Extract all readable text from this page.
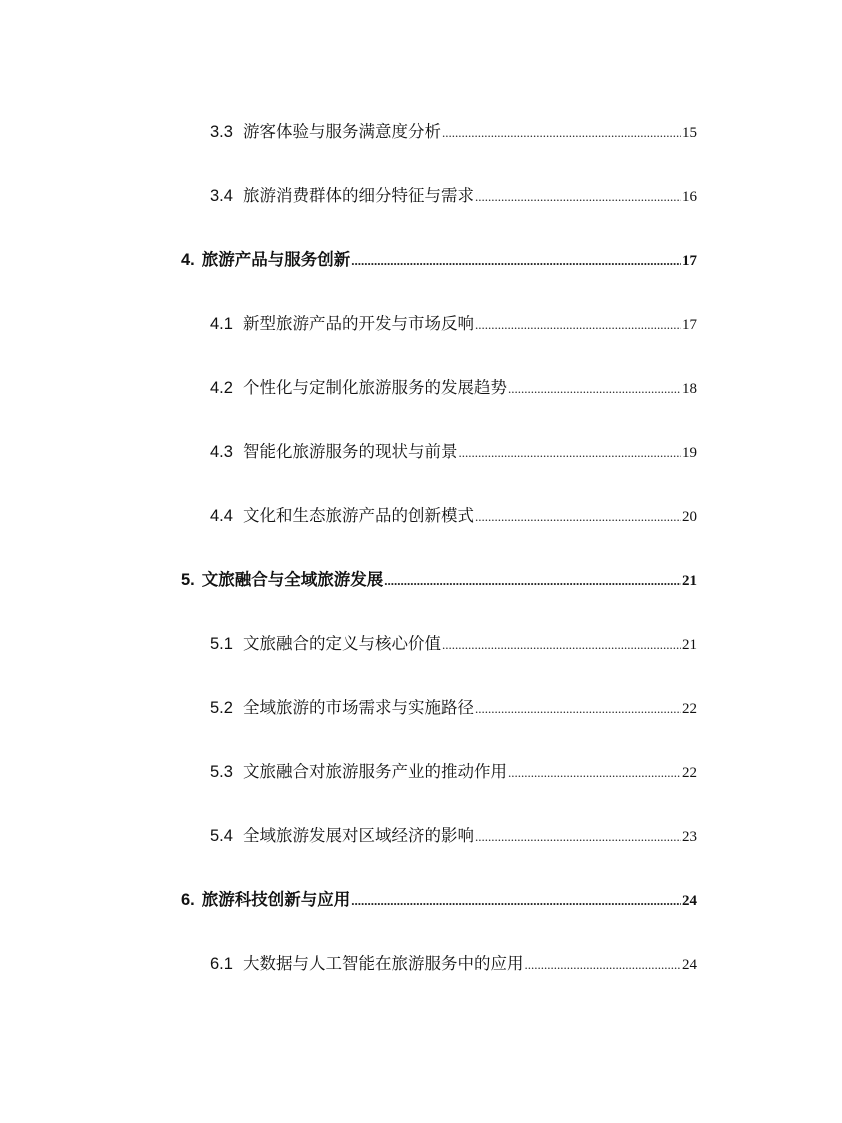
3.3 游客体验与服务满意度分析 .....	15
3.4 旅游消费群体的细分特征与需求 .....	16
4. 旅游产品与服务创新 .....	17
4.1 新型旅游产品的开发与市场反响 .....	17
4.2 个性化与定制化旅游服务的发展趋势 .....	18
4.3 智能化旅游服务的现状与前景 .....	19
4.4 文化和生态旅游产品的创新模式 .....	20
5. 文旅融合与全域旅游发展 .....	21
5.1 文旅融合的定义与核心价值 .....	21
5.2 全域旅游的市场需求与实施路径 .....	22
5.3 文旅融合对旅游服务产业的推动作用 .....	22
5.4 全域旅游发展对区域经济的影响 .....	23
6. 旅游科技创新与应用 .....	24
6.1 大数据与人工智能在旅游服务中的应用 .....	24
